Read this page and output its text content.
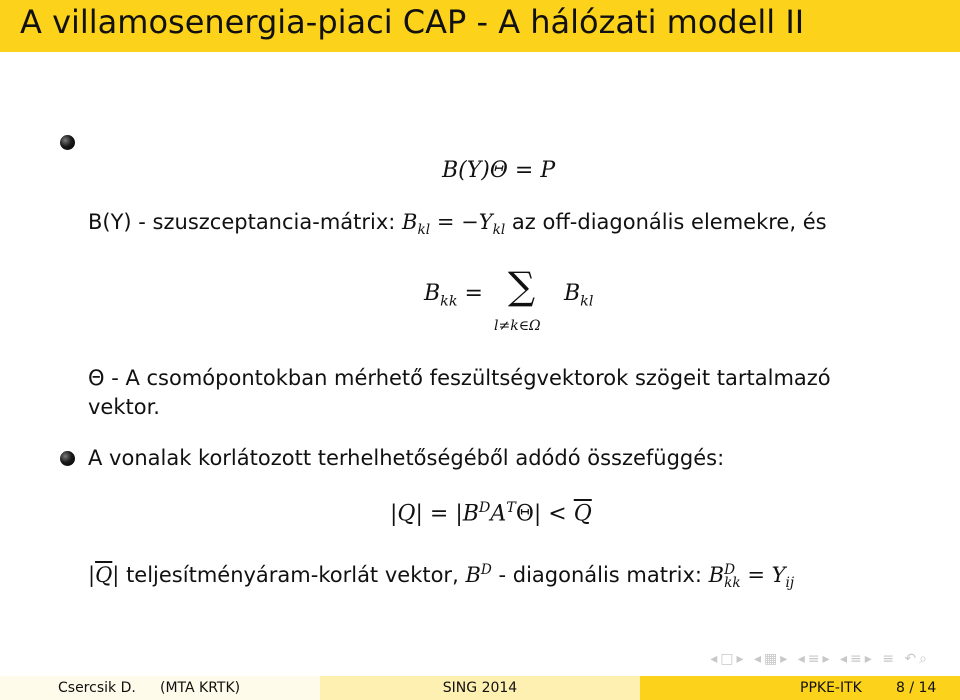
A villamosenergia-piaci CAP - A hálózati modell II
B(Y)Θ = P
B(Y) - szuszceptancia-mátrix: $B_{kl} = -Y_{kl}$ az off-diagonális elemekre, és
$B_{kk}$ = ∑
l≠k∈Ω
$B_{kl}$
Θ - A csomópontokban mérhető feszültségvektorok szögeit tartalmazó
vektor.
A vonalak korlátozott terhelhetőségéből adódó összefüggés:
$|Q| = |B^DA^T\Theta| < \overline{Q}$
$|\overline{Q}|$ teljesítményáram-korlát vektor, $B^D$ - diagonális matrix: B D
kk = $Y_{ij}$
◂□▸ ◂▦▸ ◂≡▸ ◂≡▸ ≡ ↶⌕
Csercsik D. (MTA KRTK)	SING 2014	PPKE-ITK 8 / 14
